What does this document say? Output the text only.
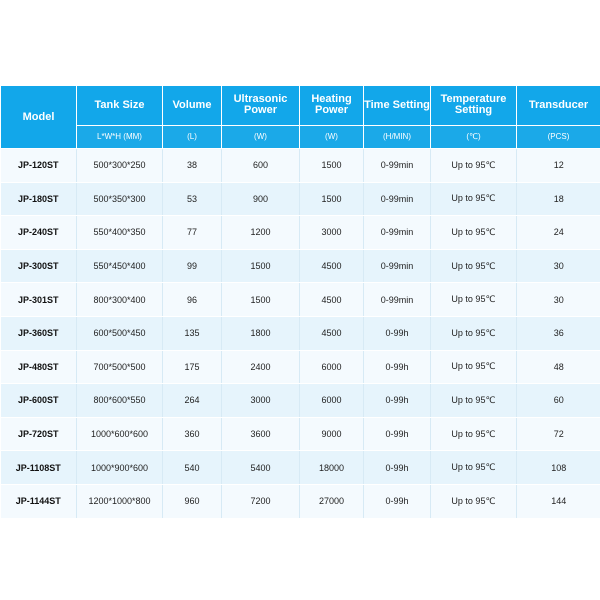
Model	Tank Size	Volume	Ultrasonic Power	Heating Power	Time Setting	Temperature Setting	Transducer
	L*W*H (MM)	(L)	(W)	(W)	(H/MIN)	(℃)	(PCS)
JP-120ST	500*300*250	38	600	1500	0-99min	Up to 95℃	12
JP-180ST	500*350*300	53	900	1500	0-99min	Up to 95℃	18
JP-240ST	550*400*350	77	1200	3000	0-99min	Up to 95℃	24
JP-300ST	550*450*400	99	1500	4500	0-99min	Up to 95℃	30
JP-301ST	800*300*400	96	1500	4500	0-99min	Up to 95℃	30
JP-360ST	600*500*450	135	1800	4500	0-99h	Up to 95℃	36
JP-480ST	700*500*500	175	2400	6000	0-99h	Up to 95℃	48
JP-600ST	800*600*550	264	3000	6000	0-99h	Up to 95℃	60
JP-720ST	1000*600*600	360	3600	9000	0-99h	Up to 95℃	72
JP-1108ST	1000*900*600	540	5400	18000	0-99h	Up to 95℃	108
JP-1144ST	1200*1000*800	960	7200	27000	0-99h	Up to 95℃	144
